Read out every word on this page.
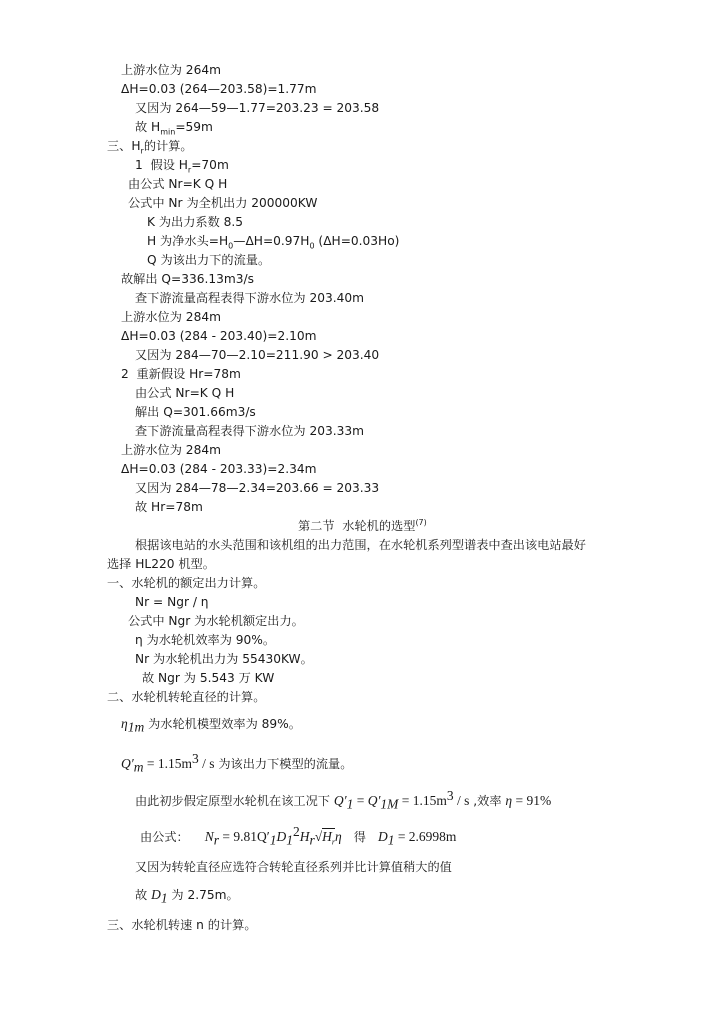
上游水位为 264m
ΔH=0.03 (264—203.58)=1.77m
又因为 264—59—1.77=203.23 = 203.58
故 $H_{min}=59m$
三、$H_r$的计算。
1  假设 $H_r=70m$
由公式 Nr=K Q H
公式中 Nr 为全机出力 200000KW
K 为出力系数 8.5
H 为净水头$=H_0—\Delta H=0.97H_0$ (ΔH=0.03Ho)
Q 为该出力下的流量。
故解出 Q=336.13m3/s
查下游流量高程表得下游水位为 203.40m
上游水位为 284m
ΔH=0.03 (284 - 203.40)=2.10m
又因为 284—70—2.10=211.90 > 203.40
2  重新假设 Hr=78m
由公式 Nr=K Q H
解出 Q=301.66m3/s
查下游流量高程表得下游水位为 203.33m
上游水位为 284m
ΔH=0.03 (284 - 203.33)=2.34m
又因为 284—78—2.34=203.66 = 203.33
故 Hr=78m
第二节  水轮机的选型$^{(7)}$
根据该电站的水头范围和该机组的出力范围，在水轮机系列型谱表中查出该电站最好
选择 HL220 机型。
一、水轮机的额定出力计算。
Nr = Ngr / η
公式中 Ngr 为水轮机额定出力。
η 为水轮机效率为 90%。
Nr 为水轮机出力为 55430KW。
故 Ngr 为 5.543 万 KW
二、水轮机转轮直径的计算。
$\eta_{1m}$ 为水轮机模型效率为 89%。
$Q'_m = 1.15m^3 / s$ 为该出力下模型的流量。
由此初步假定原型水轮机在该工况下 $Q'_1 = Q'_{1M} = 1.15m^3 / s$ ,效率 η = 91%
由公式： $N_r = 9.81Q'_1D_1^2H_r√H_r\eta$ 得 $D_1 = 2.6998m$
又因为转轮直径应选符合转轮直径系列并比计算值稍大的值
故 $D_1$ 为 2.75m。
三、水轮机转速 n 的计算。
